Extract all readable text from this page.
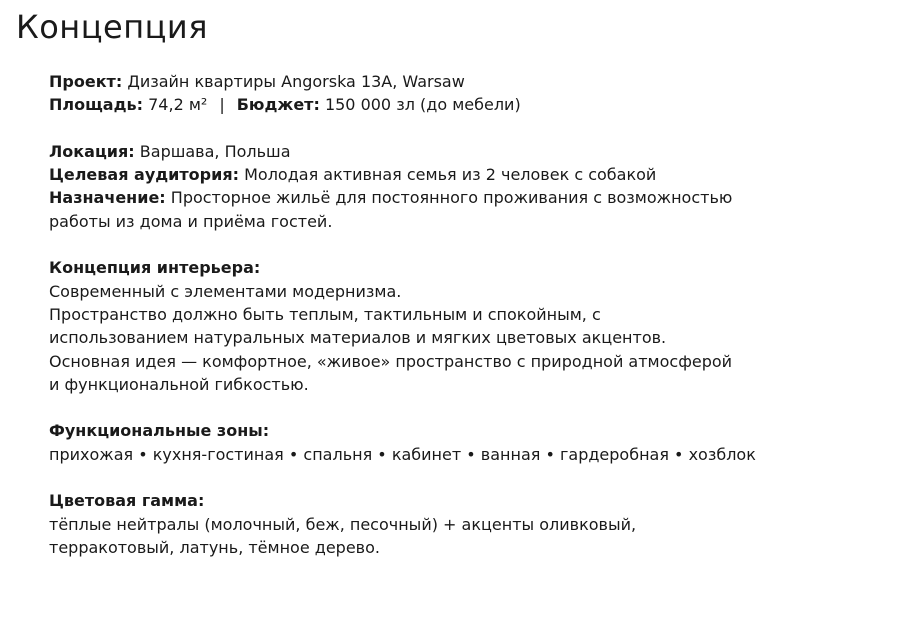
Концепция
Проект: Дизайн квартиры Angorska 13A, Warsaw
Площадь: 74,2 м² | Бюджет: 150 000 зл (до мебели)
Локация: Варшава, Польша
Целевая аудитория: Молодая активная семья из 2 человек с собакой
Назначение: Просторное жильё для постоянного проживания с возможностью
работы из дома и приёма гостей.
Концепция интерьера:
Современный с элементами модернизма.
Пространство должно быть теплым, тактильным и спокойным, с
использованием натуральных материалов и мягких цветовых акцентов.
Основная идея — комфортное, «живое» пространство с природной атмосферой
и функциональной гибкостью.
Функциональные зоны:
прихожая • кухня-гостиная • спальня • кабинет • ванная • гардеробная • хозблок
Цветовая гамма:
тёплые нейтралы (молочный, беж, песочный) + акценты оливковый,
терракотовый, латунь, тёмное дерево.
